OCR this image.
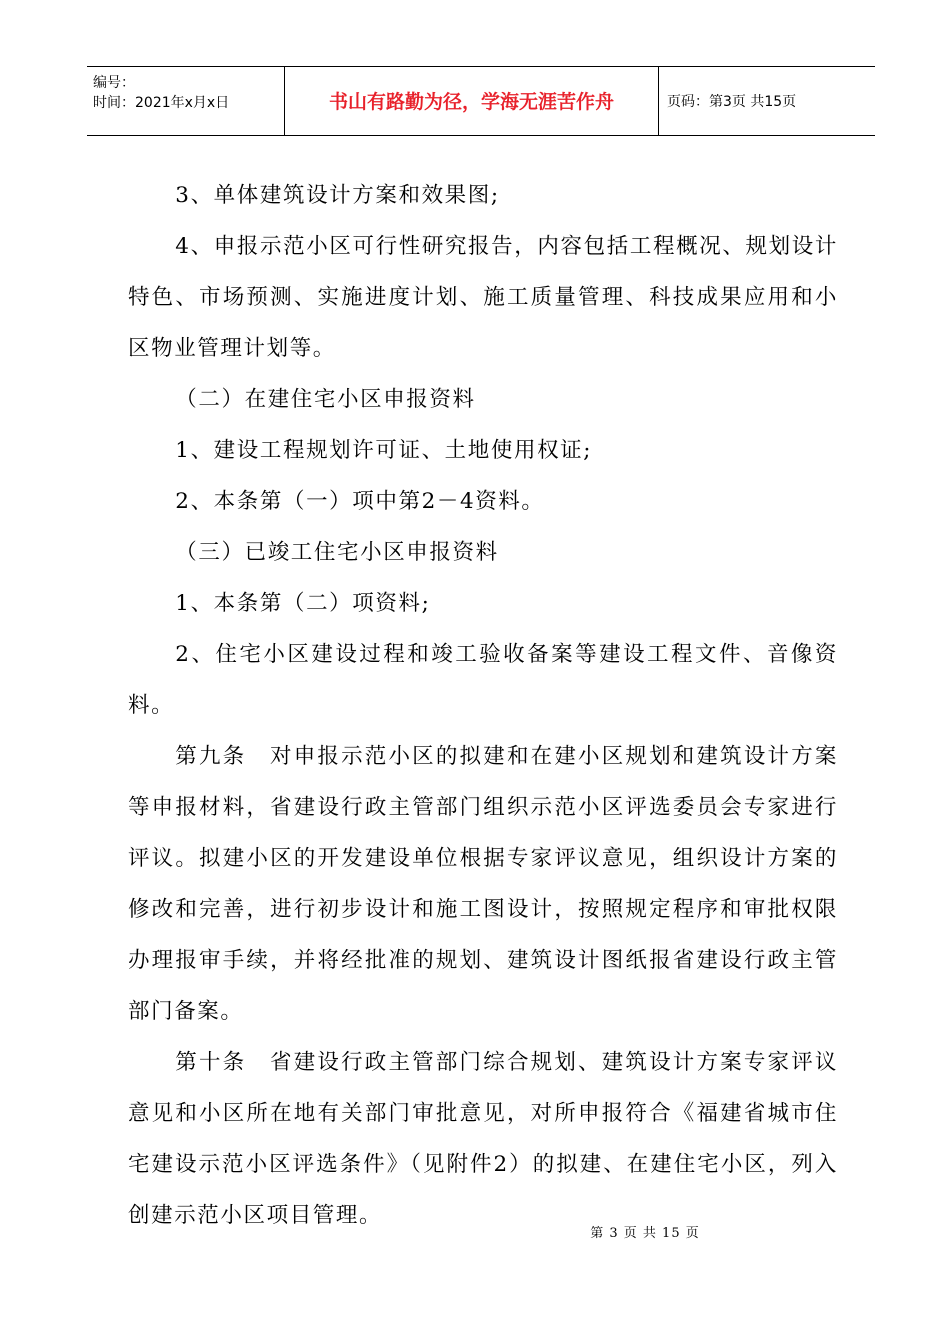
编号：
时间：2021年x月x日	书山有路勤为径，学海无涯苦作舟	页码：第3页 共15页

3、单体建筑设计方案和效果图;

4、申报示范小区可行性研究报告，内容包括工程概况、规划设计特色、市场预测、实施进度计划、施工质量管理、科技成果应用和小区物业管理计划等。

（二）在建住宅小区申报资料

1、建设工程规划许可证、土地使用权证;

2、本条第（一）项中第2－4资料。

（三）已竣工住宅小区申报资料

1、本条第（二）项资料;

2、住宅小区建设过程和竣工验收备案等建设工程文件、音像资料。

第九条　对申报示范小区的拟建和在建小区规划和建筑设计方案等申报材料，省建设行政主管部门组织示范小区评选委员会专家进行评议。拟建小区的开发建设单位根据专家评议意见，组织设计方案的修改和完善，进行初步设计和施工图设计，按照规定程序和审批权限办理报审手续，并将经批准的规划、建筑设计图纸报省建设行政主管部门备案。

第十条　省建设行政主管部门综合规划、建筑设计方案专家评议意见和小区所在地有关部门审批意见，对所申报符合《福建省城市住宅建设示范小区评选条件》（见附件2）的拟建、在建住宅小区，列入创建示范小区项目管理。

第 3 页 共 15 页
